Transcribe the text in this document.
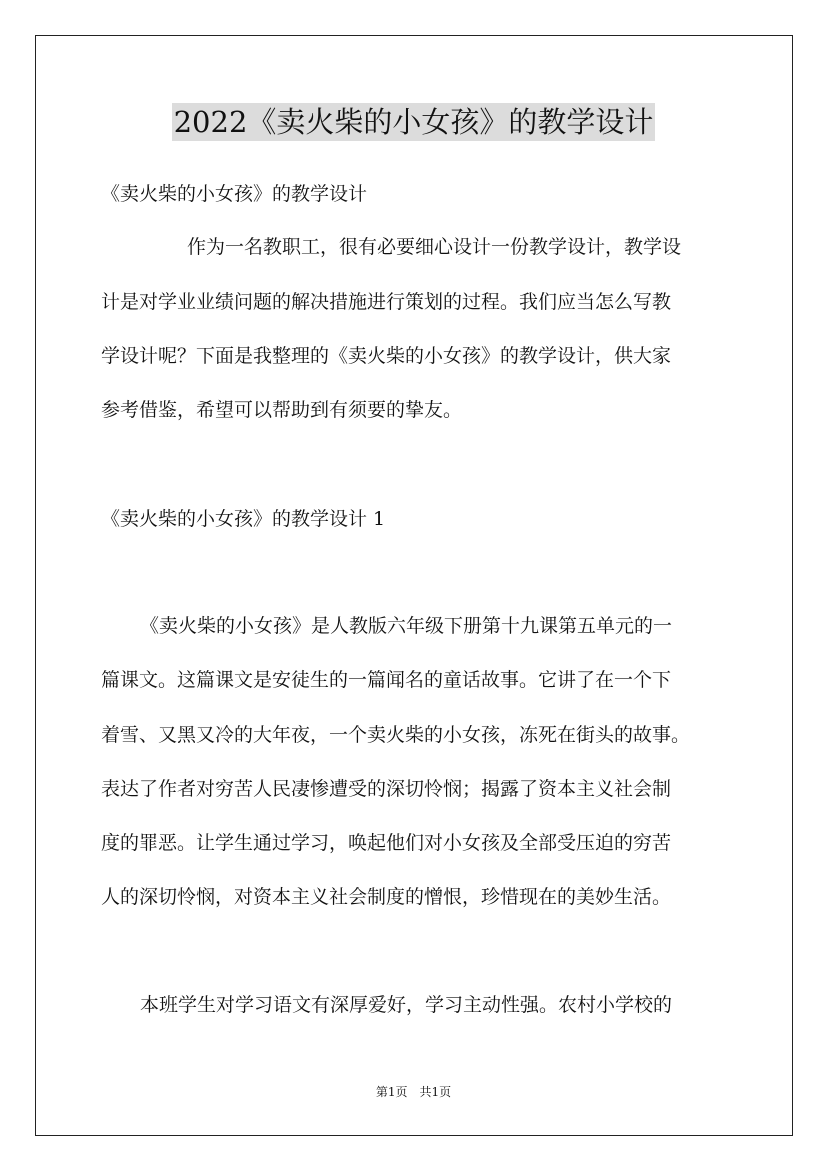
2022《卖火柴的小女孩》的教学设计
《卖火柴的小女孩》的教学设计
作为一名教职工，很有必要细心设计一份教学设计，教学设
计是对学业业绩问题的解决措施进行策划的过程。我们应当怎么写教
学设计呢？下面是我整理的《卖火柴的小女孩》的教学设计，供大家
参考借鉴，希望可以帮助到有须要的挚友。
《卖火柴的小女孩》的教学设计 1
《卖火柴的小女孩》是人教版六年级下册第十九课第五单元的一
篇课文。这篇课文是安徒生的一篇闻名的童话故事。它讲了在一个下
着雪、又黑又冷的大年夜，一个卖火柴的小女孩，冻死在街头的故事。
表达了作者对穷苦人民凄惨遭受的深切怜悯；揭露了资本主义社会制
度的罪恶。让学生通过学习，唤起他们对小女孩及全部受压迫的穷苦
人的深切怜悯，对资本主义社会制度的憎恨，珍惜现在的美妙生活。
本班学生对学习语文有深厚爱好，学习主动性强。农村小学校的
第1页　共1页
